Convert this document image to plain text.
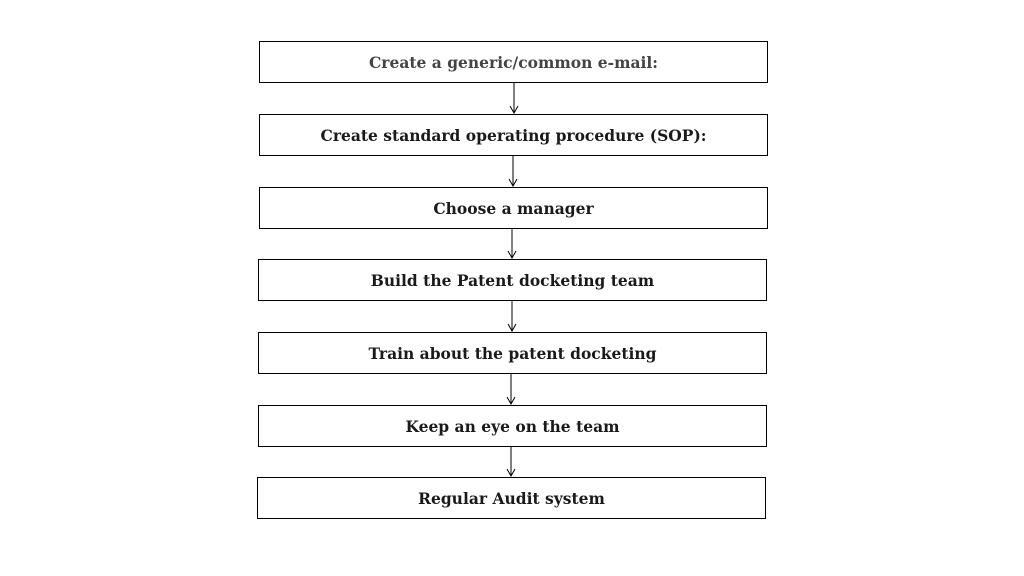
Create a generic/common e-mail:
Create standard operating procedure (SOP):
Choose a manager
Build the Patent docketing team
Train about the patent docketing
Keep an eye on the team
Regular Audit system
